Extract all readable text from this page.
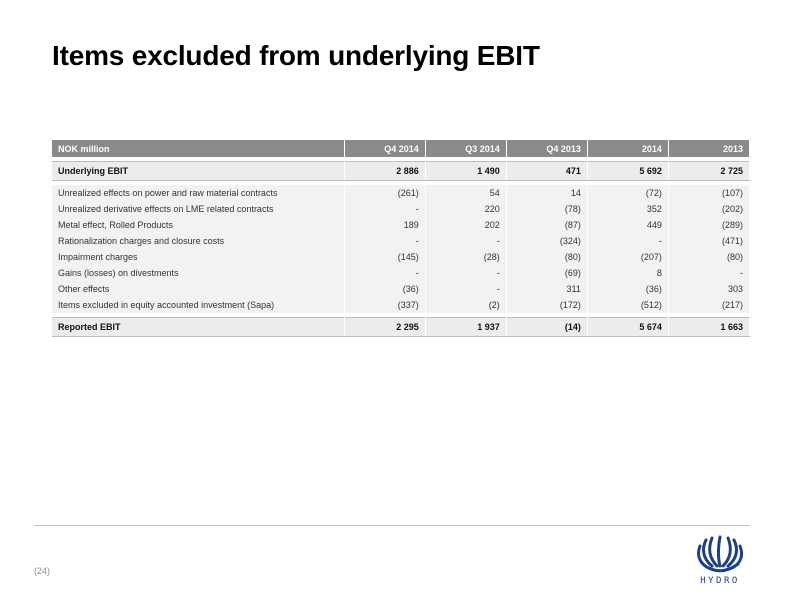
Items excluded from underlying EBIT
NOK million	Q4 2014	Q3 2014	Q4 2013	2014	2013

Underlying EBIT	2 886	1 490	471	5 692	2 725

Unrealized effects on power and raw material contracts	(261)	54	14	(72)	(107)
Unrealized derivative effects on LME related contracts	-	220	(78)	352	(202)
Metal effect, Rolled Products	189	202	(87)	449	(289)
Rationalization charges and closure costs	-	-	(324)	-	(471)
Impairment charges	(145)	(28)	(80)	(207)	(80)
Gains (losses) on divestments	-	-	(69)	8	-
Other effects	(36)	-	311	(36)	303
Items excluded in equity accounted investment (Sapa)	(337)	(2)	(172)	(512)	(217)

Reported EBIT	2 295	1 937	(14)	5 674	1 663
(24)
HYDRO
